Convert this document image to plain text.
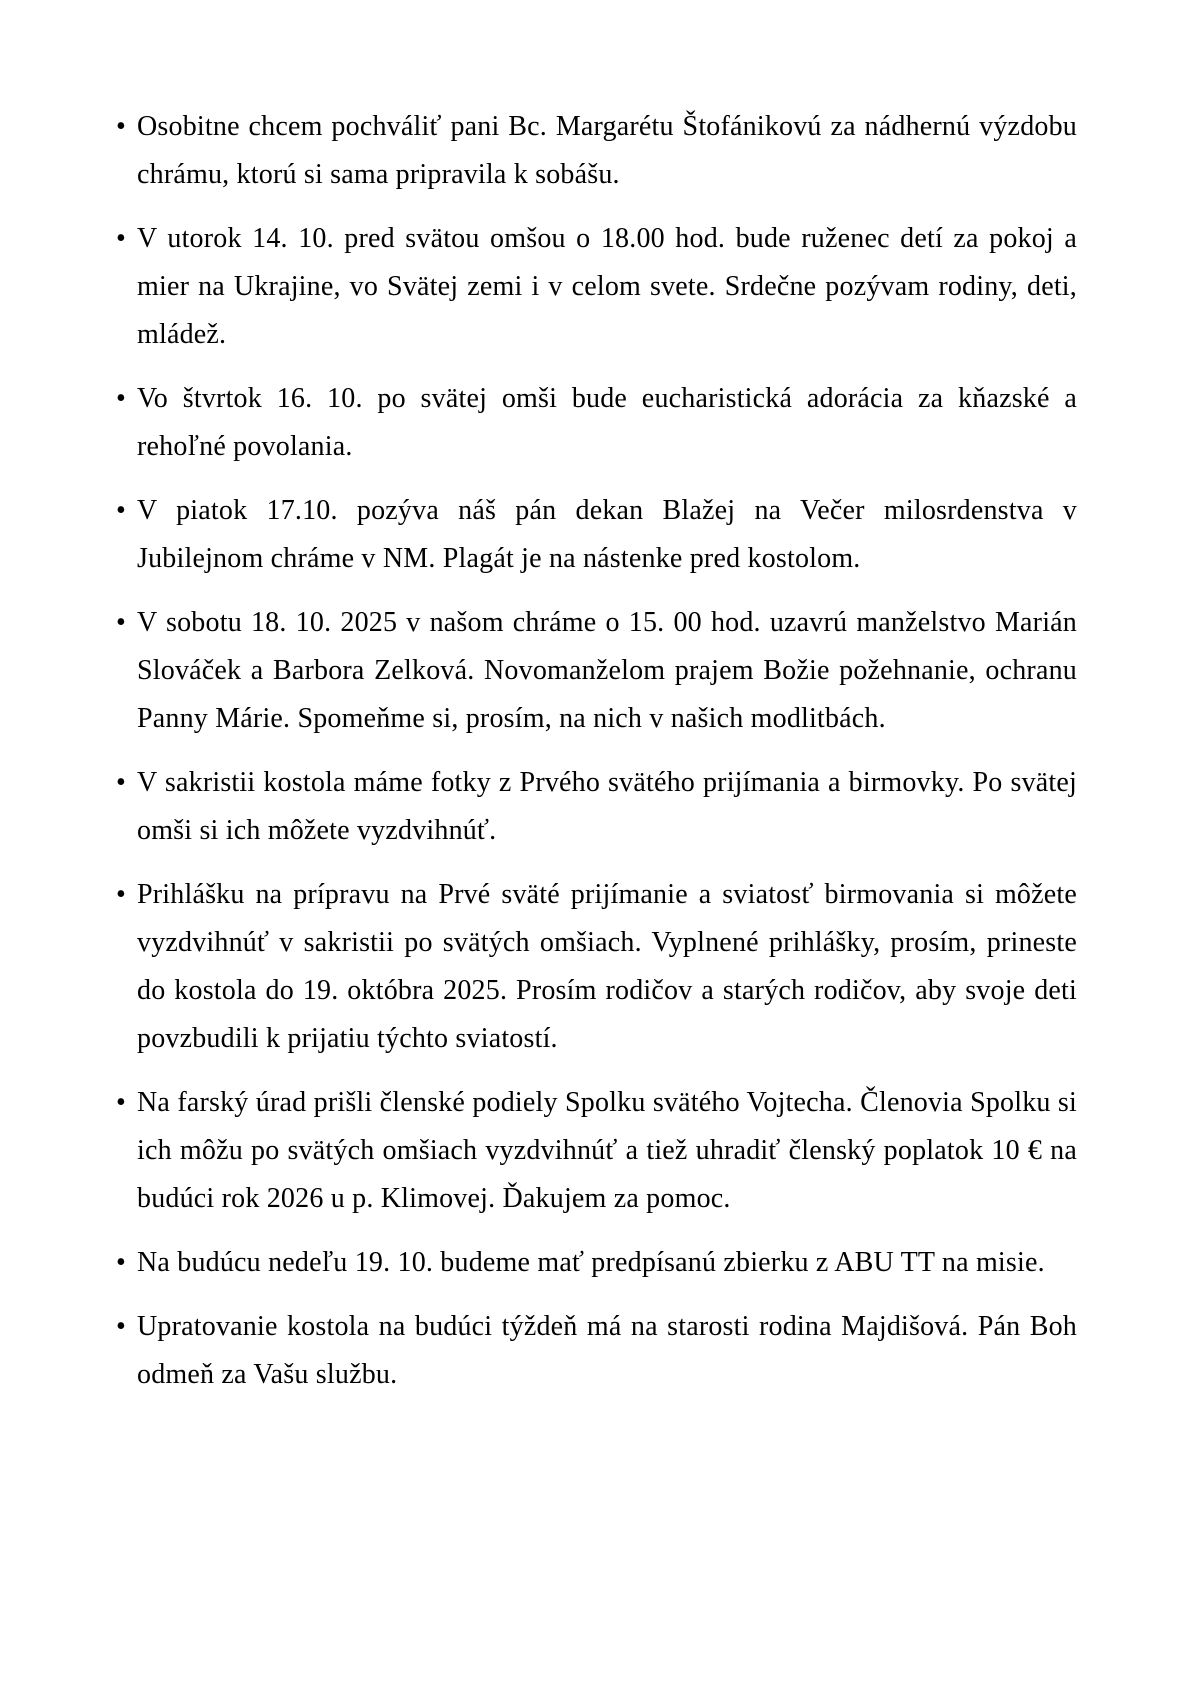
• Osobitne chcem pochváliť pani Bc. Margarétu Štofánikovú za nádhernú výzdobu chrámu, ktorú si sama pripravila k sobášu.
• V utorok 14. 10. pred svätou omšou o 18.00 hod. bude ruženec detí za pokoj a mier na Ukrajine, vo Svätej zemi i v celom svete. Srdečne pozývam rodiny, deti, mládež.
• Vo štvrtok 16. 10. po svätej omši bude eucharistická adorácia za kňazské a rehoľné povolania.
• V piatok 17.10. pozýva náš pán dekan Blažej na Večer milosrdenstva v Jubilejnom chráme v NM. Plagát je na nástenke pred kostolom.
• V sobotu 18. 10. 2025 v našom chráme o 15. 00 hod. uzavrú manželstvo Marián Slováček a Barbora Zelková. Novomanželom prajem Božie požehnanie, ochranu Panny Márie. Spomeňme si, prosím, na nich v našich modlitbách.
• V sakristii kostola máme fotky z Prvého svätého prijímania a birmovky. Po svätej omši si ich môžete vyzdvihnúť.
• Prihlášku na prípravu na Prvé sväté prijímanie a sviatosť birmovania si môžete vyzdvihnúť v sakristii po svätých omšiach. Vyplnené prihlášky, prosím, prineste do kostola do 19. októbra 2025. Prosím rodičov a starých rodičov, aby svoje deti povzbudili k prijatiu týchto sviatostí.
• Na farský úrad prišli členské podiely Spolku svätého Vojtecha. Členovia Spolku si ich môžu po svätých omšiach vyzdvihnúť a tiež uhradiť členský poplatok 10 € na budúci rok 2026 u p. Klimovej. Ďakujem za pomoc.
• Na budúcu nedeľu 19. 10. budeme mať predpísanú zbierku z ABU TT na misie.
• Upratovanie kostola na budúci týždeň má na starosti rodina Majdišová. Pán Boh odmeň za Vašu službu.
